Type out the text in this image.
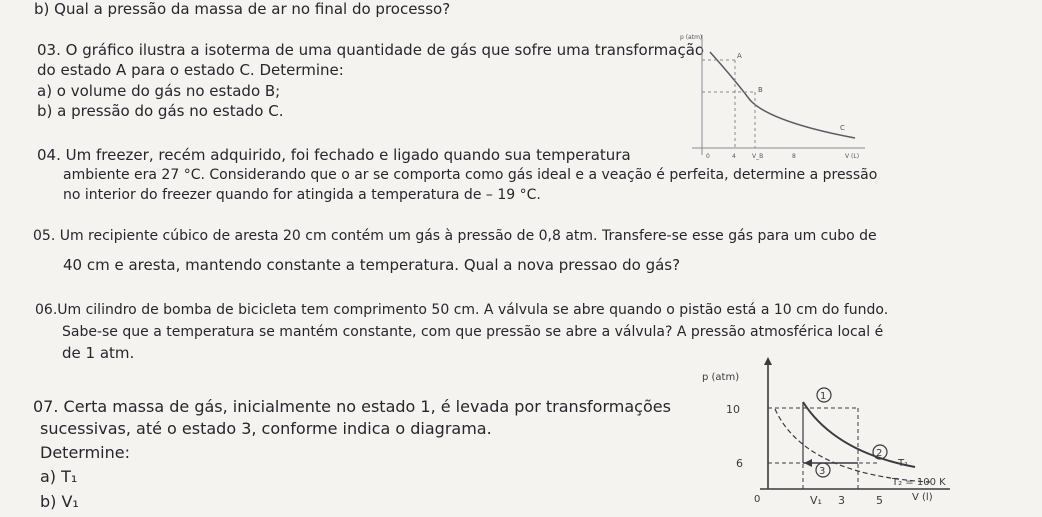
b) Qual a pressão da massa de ar no final do processo?
03. O gráfico ilustra a isoterma de uma quantidade de gás que sofre uma transformação
do estado A para o estado C. Determine:
a) o volume do gás no estado B;
b) a pressão do gás no estado C.
p (atm)
A
B
C
0	4	V_B	8	V (L)
04. Um freezer, recém adquirido, foi fechado e ligado quando sua temperatura
ambiente era 27 °C. Considerando que o ar se comporta como gás ideal e a veação é perfeita, determine a pressão
no interior do freezer quando for atingida a temperatura de – 19 °C.
05. Um recipiente cúbico de aresta 20 cm contém um gás à pressão de 0,8 atm. Transfere-se esse gás para um cubo de
40 cm e aresta, mantendo constante a temperatura. Qual a nova pressao do gás?
06.Um cilindro de bomba de bicicleta tem comprimento 50 cm. A válvula se abre quando o pistão está a 10 cm do fundo.
Sabe-se que a temperatura se mantém constante, com que pressão se abre a válvula? A pressão atmosférica local é
de 1 atm.
07. Certa massa de gás, inicialmente no estado 1, é levada por transformações
sucessivas, até o estado 3, conforme indica o diagrama.
Determine:
a) T₁
b) V₁
p (atm)
10
6
0	V₁ 3	5	V (l)
1
2
3
T₁
T₂ = 100 K
